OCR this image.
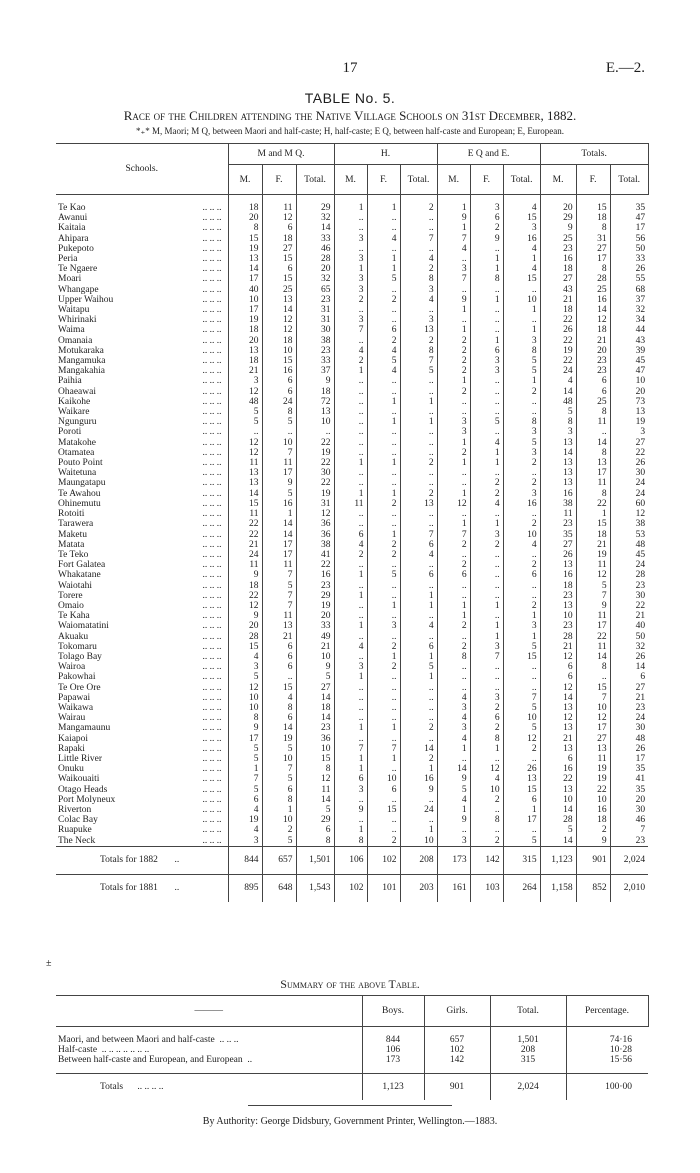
17	E.—2.
TABLE No. 5.
Race of the Children attending the Native Village Schools on 31st December, 1882.
*₊* M, Maori; M Q, between Maori and half-caste; H, half-caste; E Q, between half-caste and European; E, European.
Schools.	M and M Q.			H.			E Q and E.			Totals.		
	M.	F.	Total.	M.	F.	Total.	M.	F.	Total.	M.	F.	Total.

Te Kao .. .. ..	18	11	29	1	1	2	1	3	4	20	15	35
Awanui .. .. ..	20	12	32	..	..	..	9	6	15	29	18	47
Kaitaia .. .. ..	8	6	14	..	..	..	1	2	3	9	8	17
Ahipara .. .. ..	15	18	33	3	4	7	7	9	16	25	31	56
Pukepoto .. .. ..	19	27	46	..	..	..	4	..	4	23	27	50
Peria .. .. ..	13	15	28	3	1	4	..	1	1	16	17	33
Te Ngaere .. .. ..	14	6	20	1	1	2	3	1	4	18	8	26
Moari .. .. ..	17	15	32	3	5	8	7	8	15	27	28	55
Whangape .. .. ..	40	25	65	3	..	3	..	..	..	43	25	68
Upper Waihou .. .. ..	10	13	23	2	2	4	9	1	10	21	16	37
Waitapu .. .. ..	17	14	31	..	..	..	1	..	1	18	14	32
Whirinaki .. .. ..	19	12	31	3	..	3	..	..	..	22	12	34
Waima .. .. ..	18	12	30	7	6	13	1	..	1	26	18	44
Omanaia .. .. ..	20	18	38	..	2	2	2	1	3	22	21	43
Motukaraka .. .. ..	13	10	23	4	4	8	2	6	8	19	20	39
Mangamuka .. .. ..	18	15	33	2	5	7	2	3	5	22	23	45
Mangakahia .. .. ..	21	16	37	1	4	5	2	3	5	24	23	47
Paihia .. .. ..	3	6	9	..	..	..	1	..	1	4	6	10
Ohaeawai .. .. ..	12	6	18	..	..	..	2	..	2	14	6	20
Kaikohe .. .. ..	48	24	72	..	1	1	..	..	..	48	25	73
Waikare .. .. ..	5	8	13	..	..	..	..	..	..	5	8	13
Ngunguru .. .. ..	5	5	10	..	1	1	3	5	8	8	11	19
Poroti .. .. ..	..	..	..	..	..	..	3	..	3	3	..	3
Matakohe .. .. ..	12	10	22	..	..	..	1	4	5	13	14	27
Otamatea .. .. ..	12	7	19	..	..	..	2	1	3	14	8	22
Pouto Point .. .. ..	11	11	22	1	1	2	1	1	2	13	13	26
Waitetuna .. .. ..	13	17	30	..	..	..	..	..	..	13	17	30
Maungatapu .. .. ..	13	9	22	..	..	..	..	2	2	13	11	24
Te Awahou .. .. ..	14	5	19	1	1	2	1	2	3	16	8	24
Ohinemutu .. .. ..	15	16	31	11	2	13	12	4	16	38	22	60
Rotoiti .. .. ..	11	1	12	..	..	..	..	..	..	11	1	12
Tarawera .. .. ..	22	14	36	..	..	..	1	1	2	23	15	38
Maketu .. .. ..	22	14	36	6	1	7	7	3	10	35	18	53
Matata .. .. ..	21	17	38	4	2	6	2	2	4	27	21	48
Te Teko .. .. ..	24	17	41	2	2	4	..	..	..	26	19	45
Fort Galatea .. .. ..	11	11	22	..	..	..	2	..	2	13	11	24
Whakatane .. .. ..	9	7	16	1	5	6	6	..	6	16	12	28
Waiotahi .. .. ..	18	5	23	..	..	..	..	..	..	18	5	23
Torere .. .. ..	22	7	29	1	..	1	..	..	..	23	7	30
Omaio .. .. ..	12	7	19	..	1	1	1	1	2	13	9	22
Te Kaha .. .. ..	9	11	20	..	..	..	1	..	1	10	11	21
Waiomatatini .. .. ..	20	13	33	1	3	4	2	1	3	23	17	40
Akuaku .. .. ..	28	21	49	..	..	..	..	1	1	28	22	50
Tokomaru .. .. ..	15	6	21	4	2	6	2	3	5	21	11	32
Tolago Bay .. .. ..	4	6	10	..	1	1	8	7	15	12	14	26
Wairoa .. .. ..	3	6	9	3	2	5	..	..	..	6	8	14
Pakowhai .. .. ..	5	..	5	1	..	1	..	..	..	6	..	6
Te Ore Ore .. .. ..	12	15	27	..	..	..	..	..	..	12	15	27
Papawai .. .. ..	10	4	14	..	..	..	4	3	7	14	7	21
Waikawa .. .. ..	10	8	18	..	..	..	3	2	5	13	10	23
Wairau .. .. ..	8	6	14	..	..	..	4	6	10	12	12	24
Mangamaunu .. .. ..	9	14	23	1	1	2	3	2	5	13	17	30
Kaiapoi .. .. ..	17	19	36	..	..	..	4	8	12	21	27	48
Rapaki .. .. ..	5	5	10	7	7	14	1	1	2	13	13	26
Little River .. .. ..	5	10	15	1	1	2	..	..	..	6	11	17
Onuku .. .. ..	1	7	8	1	..	1	14	12	26	16	19	35
Waikouaiti .. .. ..	7	5	12	6	10	16	9	4	13	22	19	41
Otago Heads .. .. ..	5	6	11	3	6	9	5	10	15	13	22	35
Port Molyneux .. .. ..	6	8	14	..	..	..	4	2	6	10	10	20
Riverton .. .. ..	4	1	5	9	15	24	1	..	1	14	16	30
Colac Bay .. .. ..	19	10	29	..	..	..	9	8	17	28	18	46
Ruapuke .. .. ..	4	2	6	1	..	1	..	..	..	5	2	7
The Neck .. .. ..	3	5	8	8	2	10	3	2	5	14	9	23
Totals for 1882 ..	844	657	1,501	106	102	208	173	142	315	1,123	901	2,024
Totals for 1881 ..	895	648	1,543	102	101	203	161	103	264	1,158	852	2,010
±
Summary of the above Table.
———	Boys.	Girls.	Total.	Percentage.

Maori, and between Maori and half-caste .. .. ..	844	657	1,501	74·16
Half-caste .. .. .. .. .. .. ..	106	102	208	10·28
Between half-caste and European, and European ..	173	142	315	15·56

Totals .. .. .. ..	1,123	901	2,024	100·00
By Authority: George Didsbury, Government Printer, Wellington.—1883.
